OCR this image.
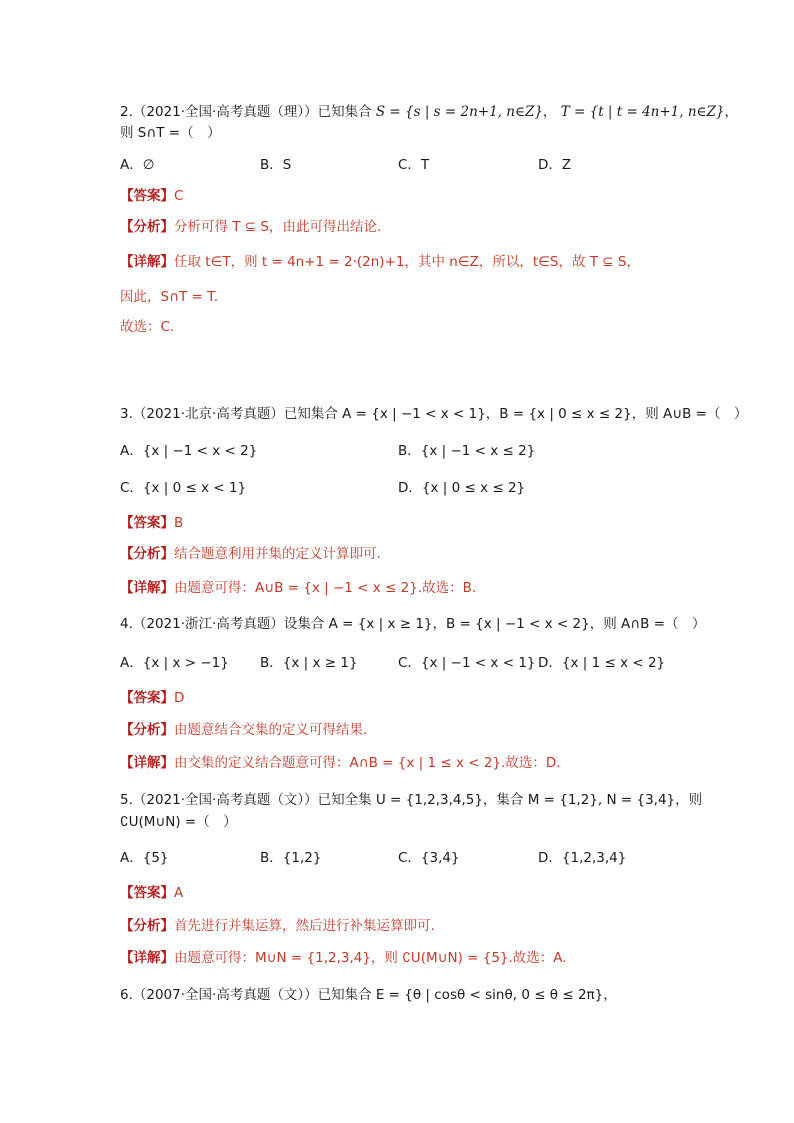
2.（2021·全国·高考真题（理））已知集合 S = {s | s = 2n+1, n∈Z}， T = {t | t = 4n+1, n∈Z}，
则 S∩T =（　）
A．∅	B．S	C．T	D．Z
【答案】C
【分析】分析可得 T ⊆ S，由此可得出结论.
【详解】任取 t∈T，则 t = 4n+1 = 2·(2n)+1，其中 n∈Z，所以，t∈S，故 T ⊆ S，
因此，S∩T = T.
故选：C.
3.（2021·北京·高考真题）已知集合 A = {x | −1 < x < 1}，B = {x | 0 ≤ x ≤ 2}，则 A∪B =（　）
A．{x | −1 < x < 2}	B．{x | −1 < x ≤ 2}
C．{x | 0 ≤ x < 1}	D．{x | 0 ≤ x ≤ 2}
【答案】B
【分析】结合题意利用并集的定义计算即可.
【详解】由题意可得：A∪B = {x | −1 < x ≤ 2}.故选：B.
4.（2021·浙江·高考真题）设集合 A = {x | x ≥ 1}，B = {x | −1 < x < 2}，则 A∩B =（　）
A．{x | x > −1} B．{x | x ≥ 1}	C．{x | −1 < x < 1} D．{x | 1 ≤ x < 2}
【答案】D
【分析】由题意结合交集的定义可得结果.
【详解】由交集的定义结合题意可得：A∩B = {x | 1 ≤ x < 2}.故选：D.
5.（2021·全国·高考真题（文））已知全集 U = {1,2,3,4,5}，集合 M = {1,2}, N = {3,4}，则
∁U(M∪N) =（　）
A．{5}	B．{1,2}	C．{3,4}	D．{1,2,3,4}
【答案】A
【分析】首先进行并集运算，然后进行补集运算即可.
【详解】由题意可得：M∪N = {1,2,3,4}，则 ∁U(M∪N) = {5}.故选：A.
6.（2007·全国·高考真题（文））已知集合 E = {θ | cosθ < sinθ, 0 ≤ θ ≤ 2π}，
